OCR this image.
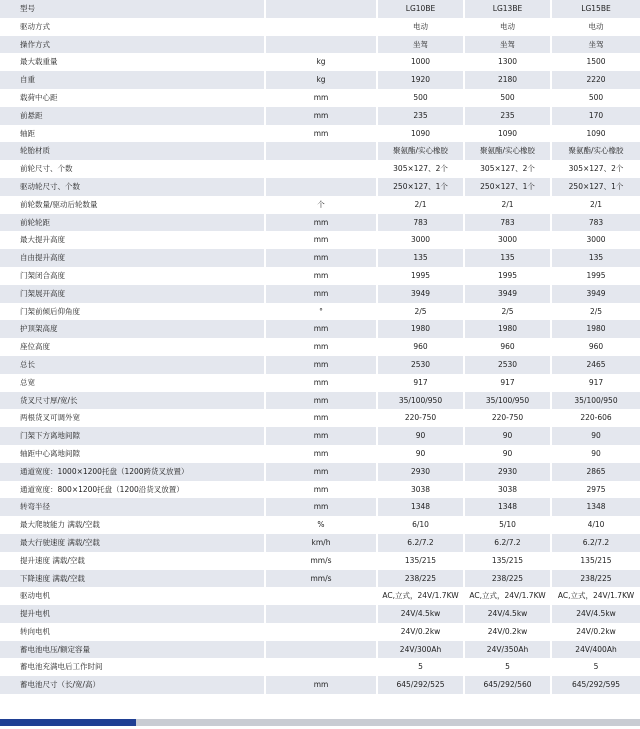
型号		LG10BE	LG13BE	LG15BE
驱动方式		电动	电动	电动
操作方式		坐驾	坐驾	坐驾
最大载重量	kg	1000	1300	1500
自重	kg	1920	2180	2220
载荷中心距	mm	500	500	500
前悬距	mm	235	235	170
轴距	mm	1090	1090	1090
轮胎材质		聚氨酯/实心橡胶	聚氨酯/实心橡胶	聚氨酯/实心橡胶
前轮尺寸、个数		305×127、2个	305×127、2个	305×127、2个
驱动轮尺寸、个数		250×127、1个	250×127、1个	250×127、1个
前轮数量/驱动后轮数量	个	2/1	2/1	2/1
前轮轮距	mm	783	783	783
最大提升高度	mm	3000	3000	3000
自由提升高度	mm	135	135	135
门架闭合高度	mm	1995	1995	1995
门架展开高度	mm	3949	3949	3949
门架前倾后仰角度	°	2/5	2/5	2/5
护顶架高度	mm	1980	1980	1980
座位高度	mm	960	960	960
总长	mm	2530	2530	2465
总宽	mm	917	917	917
货叉尺寸厚/宽/长	mm	35/100/950	35/100/950	35/100/950
两根货叉可调外宽	mm	220-750	220-750	220-606
门架下方离地间隙	mm	90	90	90
轴距中心离地间隙	mm	90	90	90
通道宽度：1000×1200托盘（1200跨货叉放置）	mm	2930	2930	2865
通道宽度：800×1200托盘（1200沿货叉放置）	mm	3038	3038	2975
转弯半径	mm	1348	1348	1348
最大爬坡能力 满载/空载	%	6/10	5/10	4/10
最大行驶速度 满载/空载	km/h	6.2/7.2	6.2/7.2	6.2/7.2
提升速度 满载/空载	mm/s	135/215	135/215	135/215
下降速度 满载/空载	mm/s	238/225	238/225	238/225
驱动电机		AC,立式，24V/1.7KW	AC,立式，24V/1.7KW	AC,立式，24V/1.7KW
提升电机		24V/4.5kw	24V/4.5kw	24V/4.5kw
转向电机		24V/0.2kw	24V/0.2kw	24V/0.2kw
蓄电池电压/额定容量		24V/300Ah	24V/350Ah	24V/400Ah
蓄电池充满电后工作时间		5	5	5
蓄电池尺寸（长/宽/高）	mm	645/292/525	645/292/560	645/292/595
